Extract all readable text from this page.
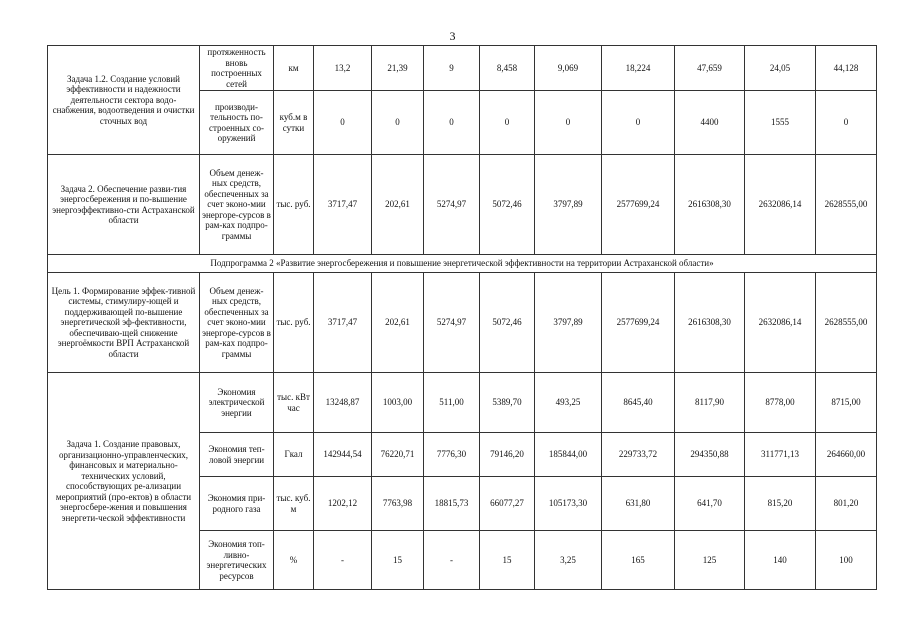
3
Задача 1.2. Создание условий эффективности и надежности деятельности сектора водо-снабжения, водоотведения и очистки сточных вод	протяженность вновь построенных сетей	км	13,2	21,39	9	8,458	9,069	18,224	47,659	24,05	44,128
	производи-тельность по-строенных со-оружений	куб.м в сутки	0	0	0	0	0	0	4400	1555	0
Задача 2. Обеспечение разви-тия энергосбережения и по-вышение энергоэффективно-сти Астраханской области	Объем денеж-ных средств, обеспеченных за счет эконо-мии энергоре-сурсов в рам-ках подпро-граммы	тыс. руб.	3717,47	202,61	5274,97	5072,46	3797,89	2577699,24	2616308,30	2632086,14	2628555,00
Подпрограмма 2 «Развитие энергосбережения и повышение энергетической эффективности на территории Астраханской области»											
Цель 1. Формирование эффек-тивной системы, стимулиру-ющей и поддерживающей по-вышение энергетической эф-фективности, обеспечиваю-щей снижение энергоёмкости ВРП Астраханской области	Объем денеж-ных средств, обеспеченных за счет эконо-мии энергоре-сурсов в рам-ках подпро-граммы	тыс. руб.	3717,47	202,61	5274,97	5072,46	3797,89	2577699,24	2616308,30	2632086,14	2628555,00
Задача 1. Создание правовых, организационно-управленческих, финансовых и материально-технических условий, способствующих ре-ализации мероприятий (про-ектов) в области энергосбере-жения и повышения энергети-ческой эффективности	Экономия электрической энергии	тыс. кВт час	13248,87	1003,00	511,00	5389,70	493,25	8645,40	8117,90	8778,00	8715,00
	Экономия теп-ловой энергии	Гкал	142944,54	76220,71	7776,30	79146,20	185844,00	229733,72	294350,88	311771,13	264660,00
	Экономия при-родного газа	тыс. куб. м	1202,12	7763,98	18815,73	66077,27	105173,30	631,80	641,70	815,20	801,20
	Экономия топ-ливно-энергетических ресурсов	%	-	15	-	15	3,25	165	125	140	100
